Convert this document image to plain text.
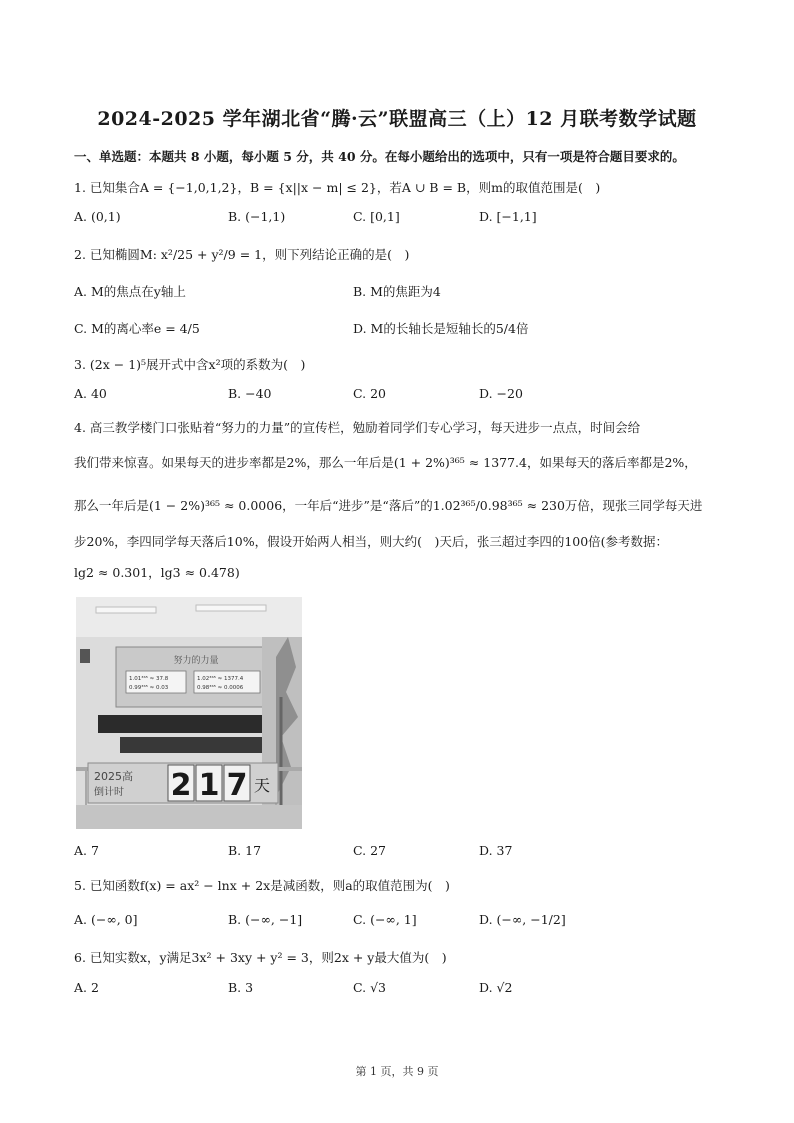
2024-2025 学年湖北省“腾·云”联盟高三（上）12 月联考数学试题
一、单选题：本题共 8 小题，每小题 5 分，共 40 分。在每小题给出的选项中，只有一项是符合题目要求的。
1. 已知集合A = {−1,0,1,2}，B = {x||x − m| ≤ 2}，若A ∪ B = B，则m的取值范围是(　)
A. (0,1)	B. (−1,1)	C. [0,1]	D. [−1,1]
2. 已知椭圆M: x²/25 + y²/9 = 1，则下列结论正确的是(　)
A. M的焦点在y轴上	B. M的焦距为4
C. M的离心率e = 4/5	D. M的长轴长是短轴长的5/4倍
3. (2x − 1)⁵展开式中含x²项的系数为(　)
A. 40	B. −40	C. 20	D. −20
4. 高三教学楼门口张贴着“努力的力量”的宣传栏，勉励着同学们专心学习，每天进步一点点，时间会给
我们带来惊喜。如果每天的进步率都是2%，那么一年后是(1 + 2%)³⁶⁵ ≈ 1377.4，如果每天的落后率都是2%，
那么一年后是(1 − 2%)³⁶⁵ ≈ 0.0006，一年后“进步”是“落后”的1.02³⁶⁵/0.98³⁶⁵ ≈ 230万倍，现张三同学每天进
步20%，李四同学每天落后10%，假设开始两人相当，则大约(　)天后，张三超过李四的100倍(参考数据：
lg2 ≈ 0.301，lg3 ≈ 0.478)
努力的力量
1.01³⁶⁵ ≈ 37.8
0.99³⁶⁵ ≈ 0.03
1.02³⁶⁵ ≈ 1377.4
0.98³⁶⁵ ≈ 0.0006
2025高
倒计时 2 1 7 天
A. 7	B. 17	C. 27	D. 37
5. 已知函数f(x) = ax² − lnx + 2x是减函数，则a的取值范围为(　)
A. (−∞, 0]	B. (−∞, −1]	C. (−∞, 1]	D. (−∞, −1/2]
6. 已知实数x，y满足3x² + 3xy + y² = 3，则2x + y最大值为(　)
A. 2	B. 3	C. √3	D. √2
第 1 页，共 9 页
